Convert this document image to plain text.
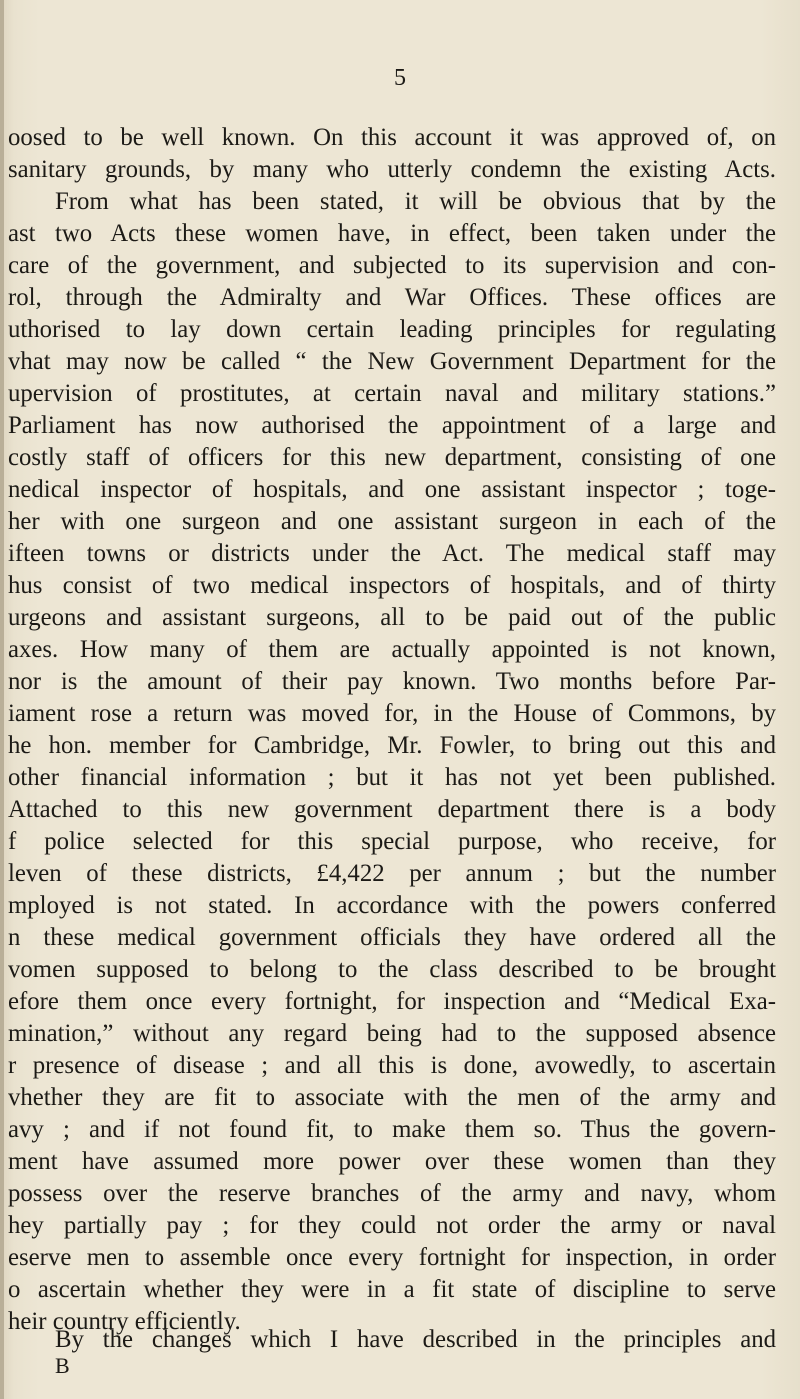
5
oosed to be well known. On this account it was approved of, on
sanitary grounds, by many who utterly condemn the existing Acts.
From what has been stated, it will be obvious that by the
ast two Acts these women have, in effect, been taken under the
care of the government, and subjected to its supervision and con-
rol, through the Admiralty and War Offices. These offices are
uthorised to lay down certain leading principles for regulating
vhat may now be called “ the New Government Department for the
upervision of prostitutes, at certain naval and military stations.”
Parliament has now authorised the appointment of a large and
costly staff of officers for this new department, consisting of one
nedical inspector of hospitals, and one assistant inspector ; toge-
her with one surgeon and one assistant surgeon in each of the
ifteen towns or districts under the Act. The medical staff may
hus consist of two medical inspectors of hospitals, and of thirty
urgeons and assistant surgeons, all to be paid out of the public
axes. How many of them are actually appointed is not known,
nor is the amount of their pay known. Two months before Par-
iament rose a return was moved for, in the House of Commons, by
he hon. member for Cambridge, Mr. Fowler, to bring out this and
other financial information ; but it has not yet been published.
Attached to this new government department there is a body
f police selected for this special purpose, who receive, for
leven of these districts, £4,422 per annum ; but the number
mployed is not stated. In accordance with the powers conferred
n these medical government officials they have ordered all the
vomen supposed to belong to the class described to be brought
efore them once every fortnight, for inspection and “Medical Exa-
mination,” without any regard being had to the supposed absence
r presence of disease ; and all this is done, avowedly, to ascertain
vhether they are fit to associate with the men of the army and
avy ; and if not found fit, to make them so. Thus the govern-
ment have assumed more power over these women than they
possess over the reserve branches of the army and navy, whom
hey partially pay ; for they could not order the army or naval
eserve men to assemble once every fortnight for inspection, in order
o ascertain whether they were in a fit state of discipline to serve
heir country efficiently.
By the changes which I have described in the principles and
B
